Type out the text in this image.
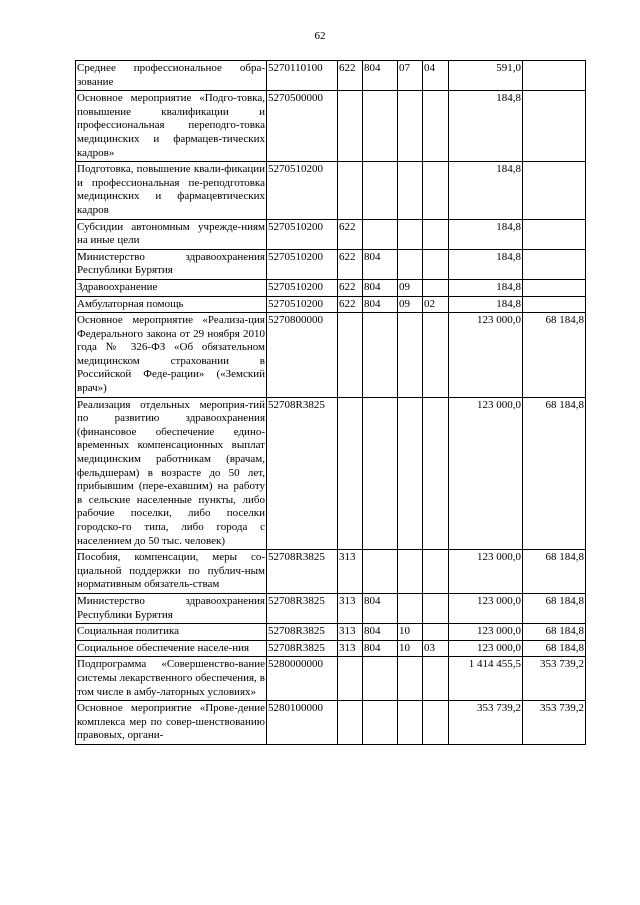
62
Среднее профессиональное обра-зование	5270110100	622	804	07	04	591,0	
Основное мероприятие «Подго-товка, повышение квалификации и профессиональная переподго-товка медицинских и фармацев-тических кадров»	5270500000					184,8	
Подготовка, повышение квали-фикации и профессиональная пе-реподготовка медицинских и фармацевтических кадров	5270510200					184,8	
Субсидии автономным учрежде-ниям на иные цели	5270510200	622				184,8	
Министерство здравоохранения Республики Бурятия	5270510200	622	804			184,8	
Здравоохранение	5270510200	622	804	09		184,8	
Амбулаторная помощь	5270510200	622	804	09	02	184,8	
Основное мероприятие «Реализа-ция Федерального закона от 29 ноября 2010 года № 326-ФЗ «Об обязательном медицинском страховании в Российской Феде-рации» («Земский врач»)	5270800000					123 000,0	68 184,8
Реализация отдельных мероприя-тий по развитию здравоохранения (финансовое обеспечение едино-временных компенсационных выплат медицинским работникам (врачам, фельдшерам) в возрасте до 50 лет, прибывшим (пере-ехавшим) на работу в сельские населенные пункты, либо рабочие поселки, либо поселки городско-го типа, либо города с населением до 50 тыс. человек)	52708R3825					123 000,0	68 184,8
Пособия, компенсации, меры со-циальной поддержки по публич-ным нормативным обязатель-ствам	52708R3825	313				123 000,0	68 184,8
Министерство здравоохранения Республики Бурятия	52708R3825	313	804			123 000,0	68 184,8
Социальная политика	52708R3825	313	804	10		123 000,0	68 184,8
Социальное обеспечение населе-ния	52708R3825	313	804	10	03	123 000,0	68 184,8
Подпрограмма «Совершенство-вание системы лекарственного обеспечения, в том числе в амбу-латорных условиях»	5280000000					1 414 455,5	353 739,2
Основное мероприятие «Прове-дение комплекса мер по совер-шенствованию правовых, органи-	5280100000					353 739,2	353 739,2
